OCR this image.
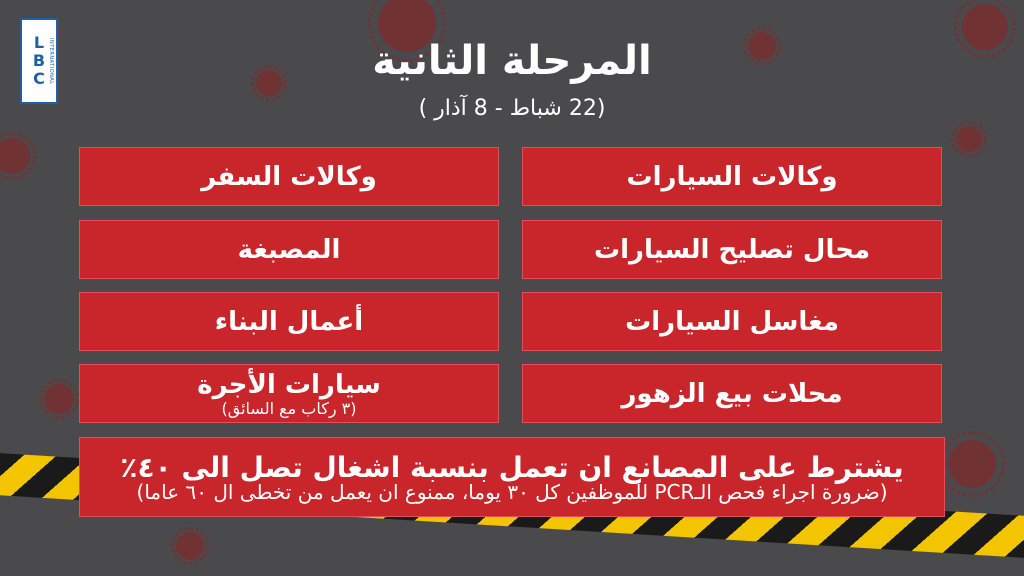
L
B
C INTERNATIONAL	المرحلة الثانية
(22 شباط - 8 آذار )
وكالات السيارات
محال تصليح السيارات
مغاسل السيارات
محلات بيع الزهور
وكالات السفر
المصبغة
أعمال البناء
سيارات الأجرة
(٣ ركاب مع السائق)
يشترط على المصانع ان تعمل بنسبة اشغال تصل الى ٤٠٪
(ضرورة اجراء فحص الـPCR للموظفين كل ٣٠ يوما، ممنوع ان يعمل من تخطى ال ٦٠ عاما)
